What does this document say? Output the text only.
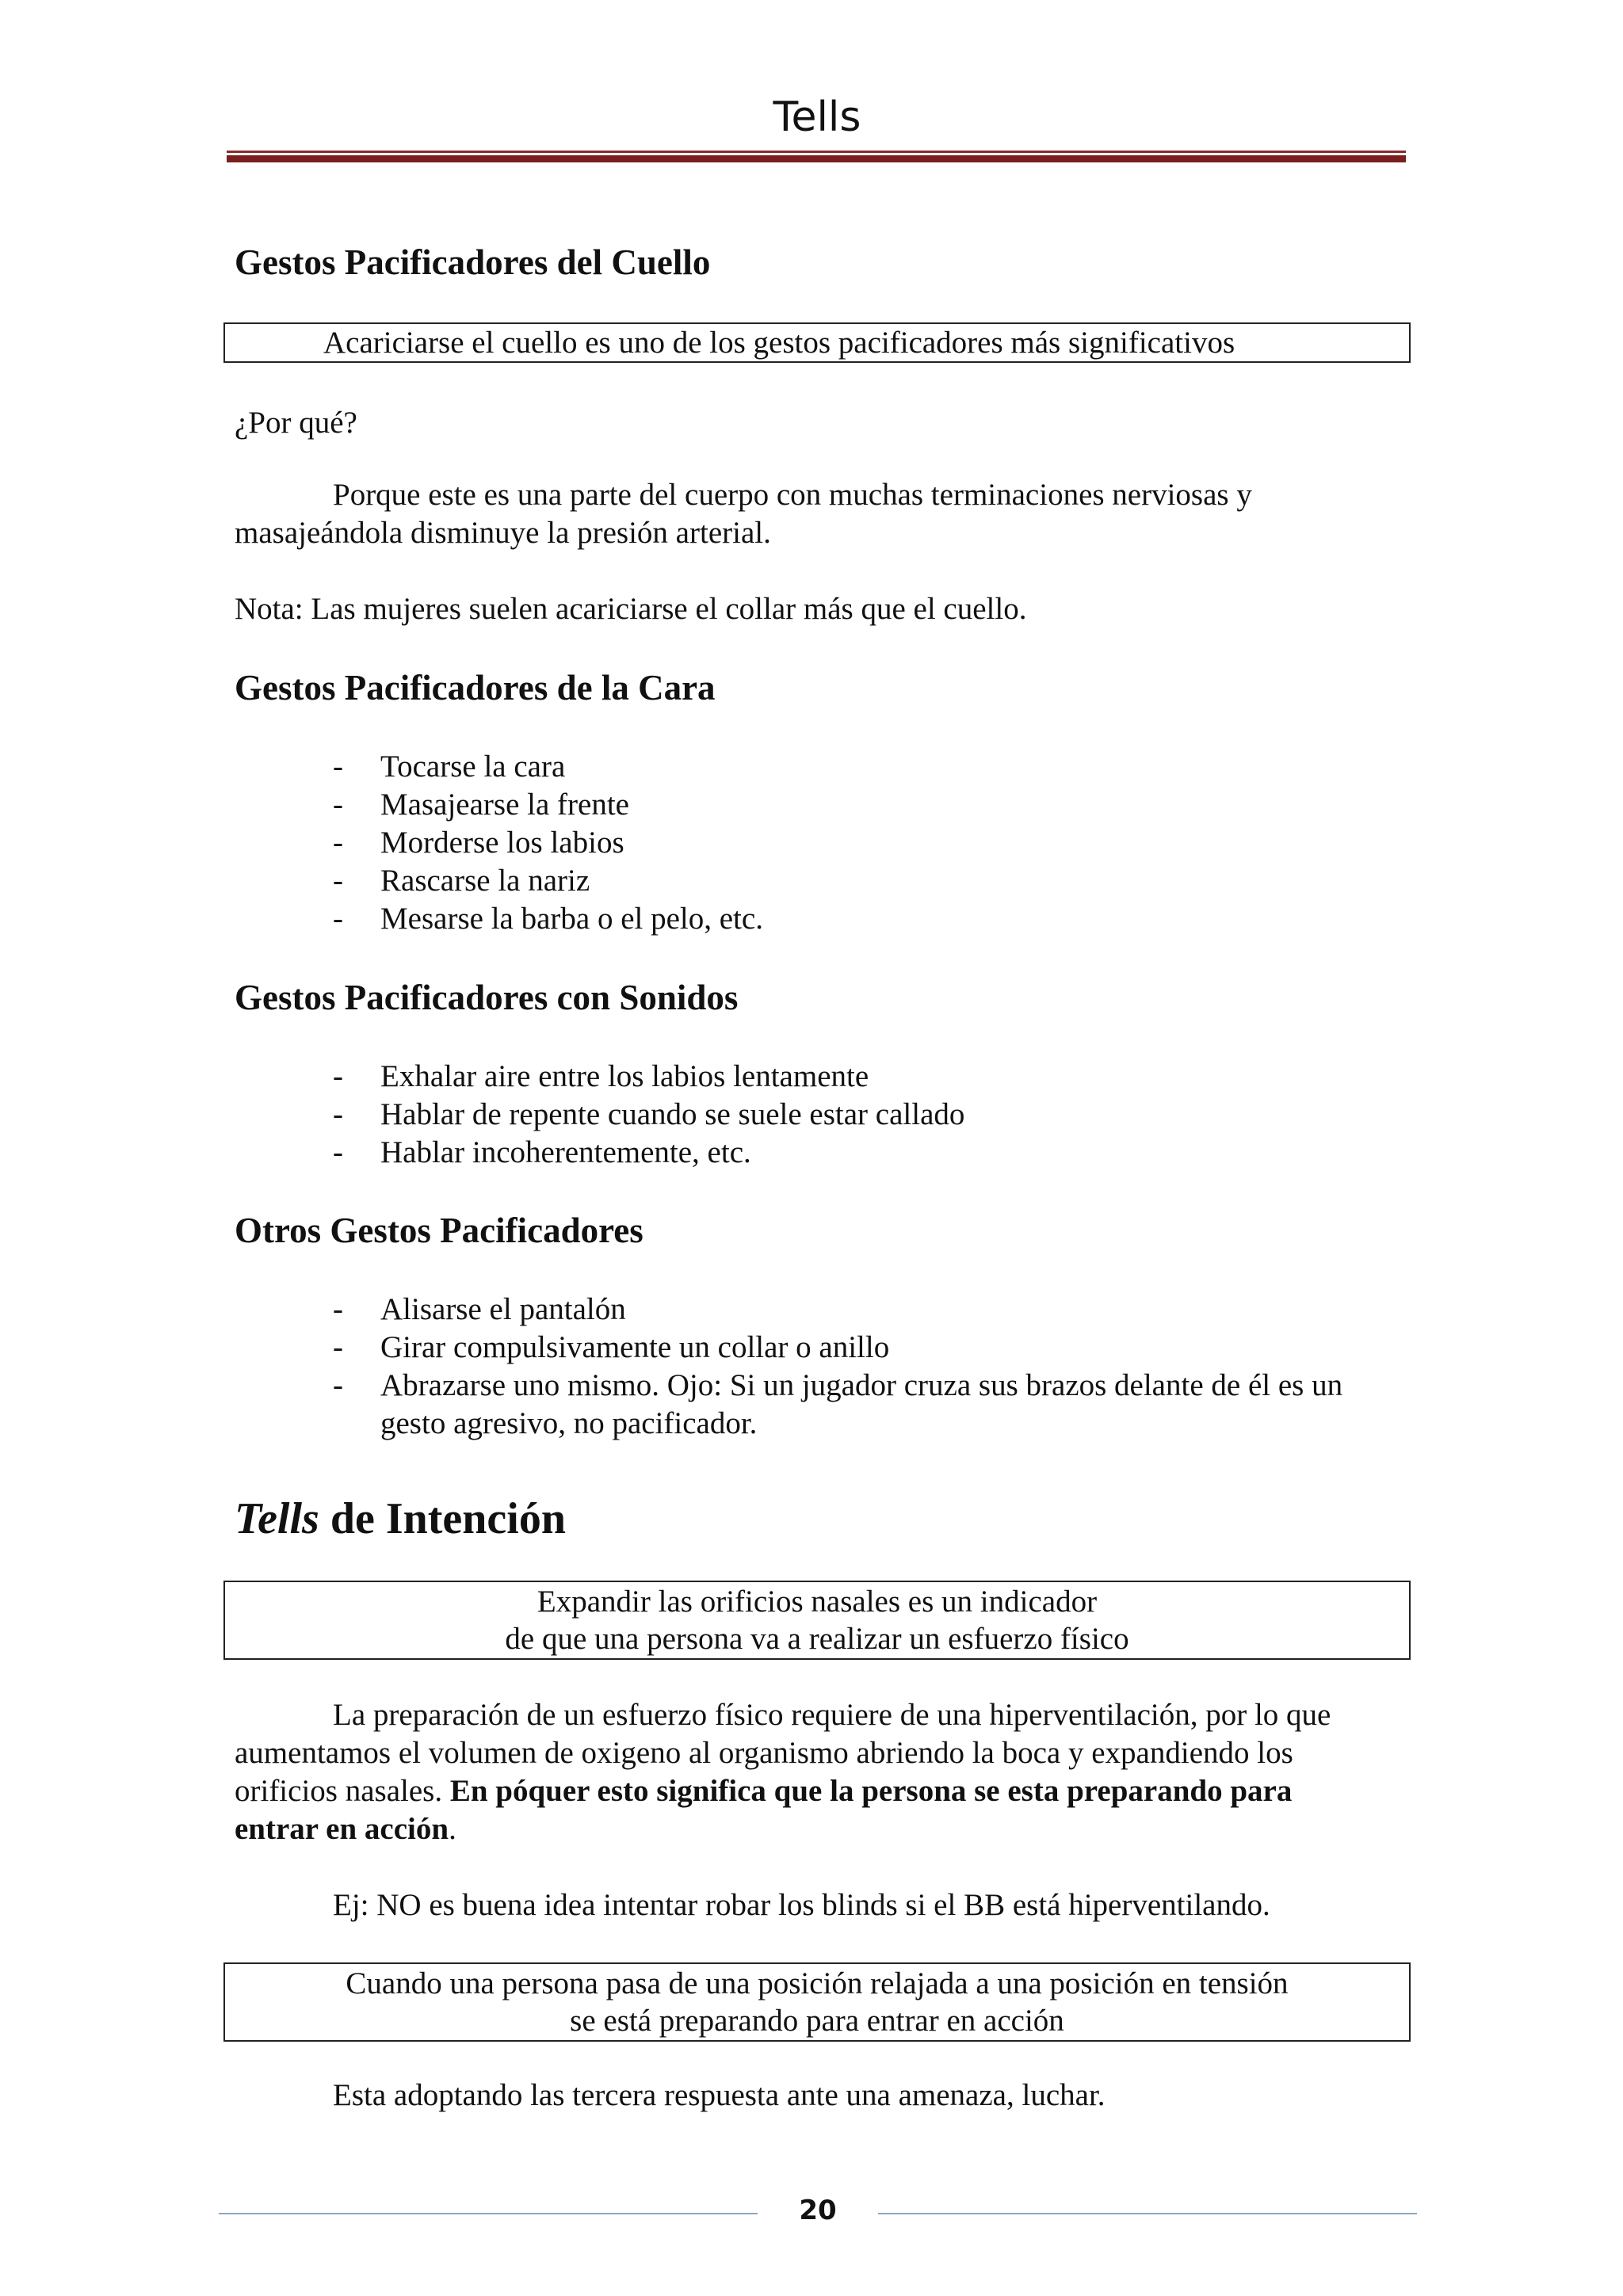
Tells
Gestos Pacificadores del Cuello
Acariciarse el cuello es uno de los gestos pacificadores más significativos
¿Por qué?
Porque este es una parte del cuerpo con muchas terminaciones nerviosas y masajeándola disminuye la presión arterial.
Nota: Las mujeres suelen acariciarse el collar más que el cuello.
Gestos Pacificadores de la Cara
- Tocarse la cara
- Masajearse la frente
- Morderse los labios
- Rascarse la nariz
- Mesarse la barba o el pelo, etc.
Gestos Pacificadores con Sonidos
- Exhalar aire entre los labios lentamente
- Hablar de repente cuando se suele estar callado
- Hablar incoherentemente, etc.
Otros Gestos Pacificadores
- Alisarse el pantalón
- Girar compulsivamente un collar o anillo
- Abrazarse uno mismo. Ojo: Si un jugador cruza sus brazos delante de él es un gesto agresivo, no pacificador.
Tells de Intención
Expandir las orificios nasales es un indicador
de que una persona va a realizar un esfuerzo físico
La preparación de un esfuerzo físico requiere de una hiperventilación, por lo que aumentamos el volumen de oxigeno al organismo abriendo la boca y expandiendo los orificios nasales. En póquer esto significa que la persona se esta preparando para entrar en acción.
Ej: NO es buena idea intentar robar los blinds si el BB está hiperventilando.
Cuando una persona pasa de una posición relajada a una posición en tensión
se está preparando para entrar en acción
Esta adoptando las tercera respuesta ante una amenaza, luchar.
20
